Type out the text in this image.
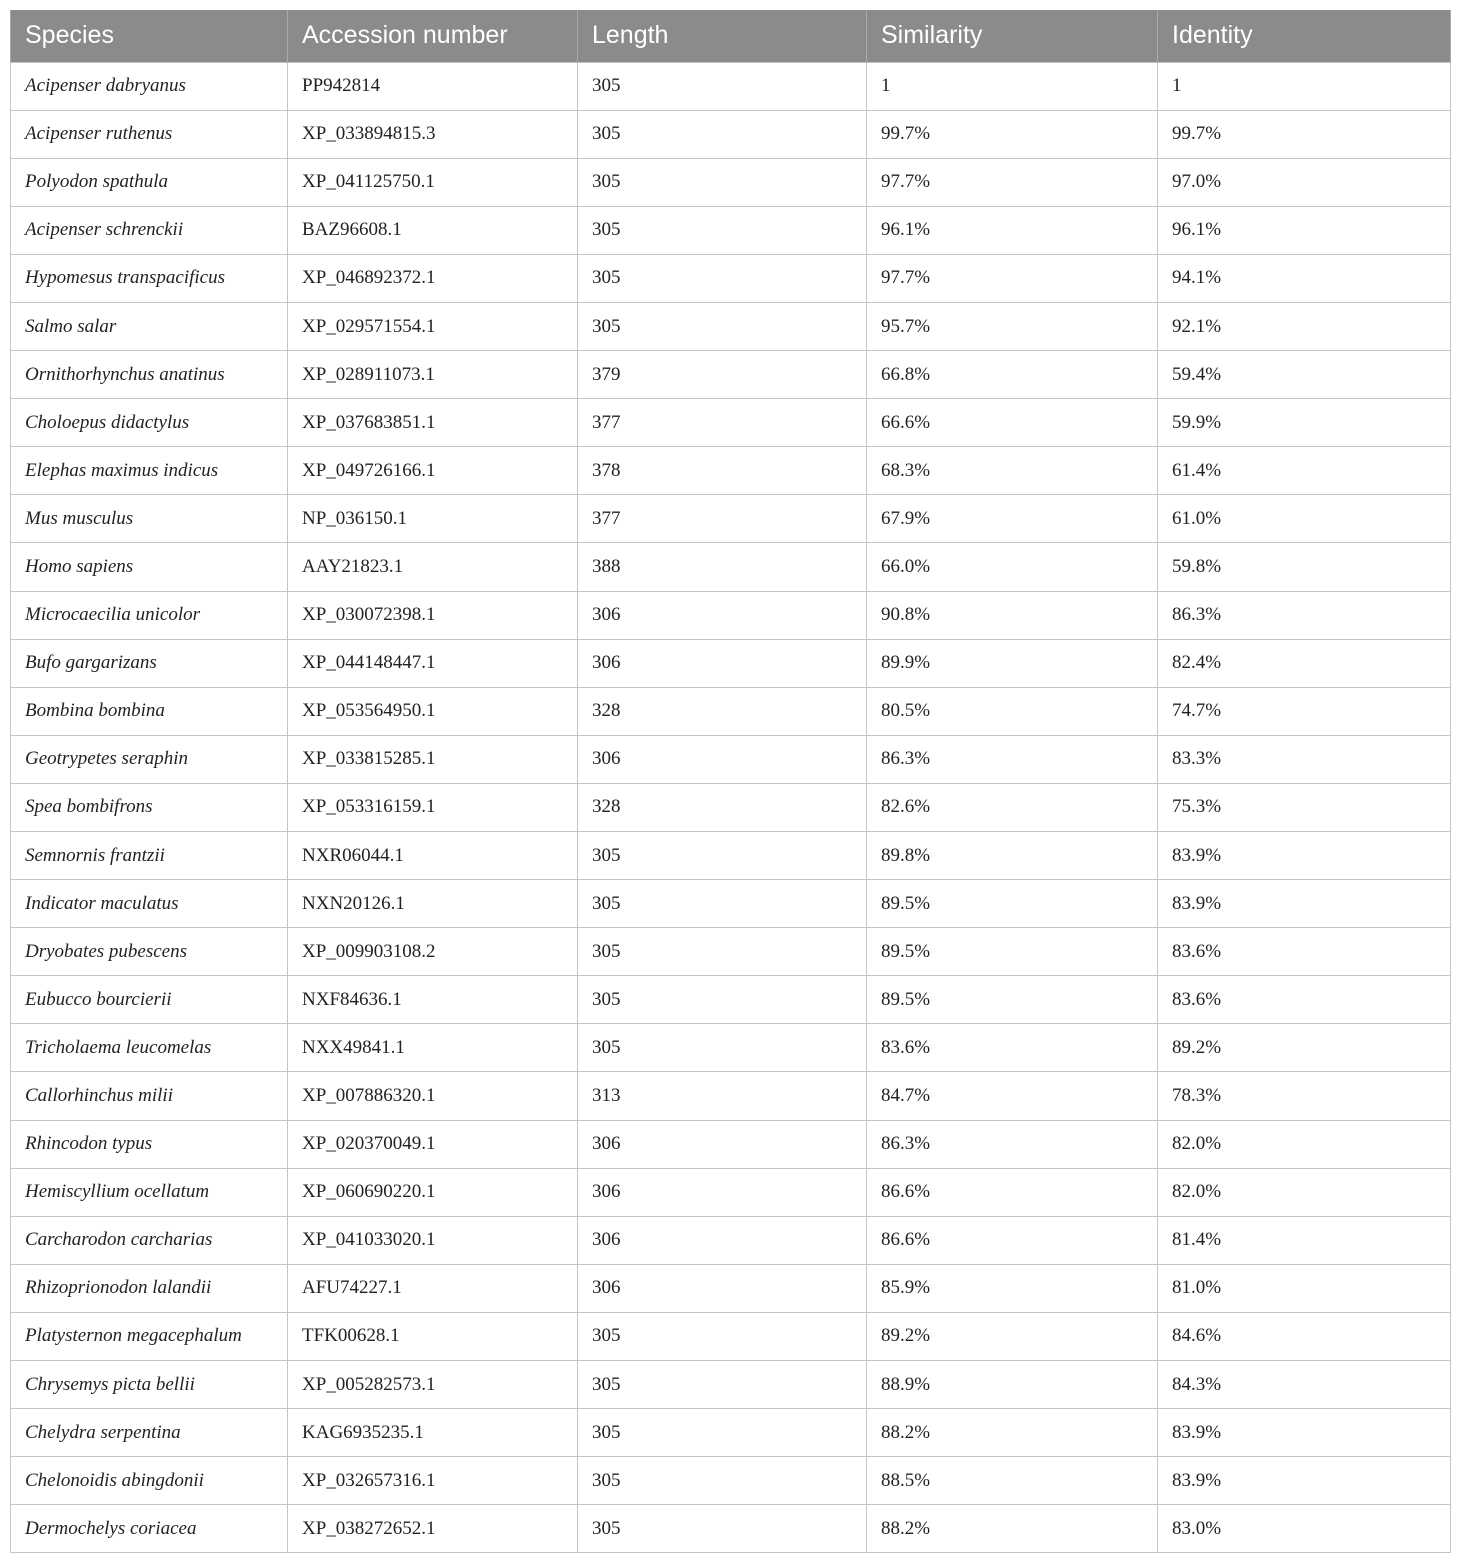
Species	Accession number	Length	Similarity	Identity
Acipenser dabryanus	PP942814	305	1	1
Acipenser ruthenus	XP_033894815.3	305	99.7%	99.7%
Polyodon spathula	XP_041125750.1	305	97.7%	97.0%
Acipenser schrenckii	BAZ96608.1	305	96.1%	96.1%
Hypomesus transpacificus	XP_046892372.1	305	97.7%	94.1%
Salmo salar	XP_029571554.1	305	95.7%	92.1%
Ornithorhynchus anatinus	XP_028911073.1	379	66.8%	59.4%
Choloepus didactylus	XP_037683851.1	377	66.6%	59.9%
Elephas maximus indicus	XP_049726166.1	378	68.3%	61.4%
Mus musculus	NP_036150.1	377	67.9%	61.0%
Homo sapiens	AAY21823.1	388	66.0%	59.8%
Microcaecilia unicolor	XP_030072398.1	306	90.8%	86.3%
Bufo gargarizans	XP_044148447.1	306	89.9%	82.4%
Bombina bombina	XP_053564950.1	328	80.5%	74.7%
Geotrypetes seraphin	XP_033815285.1	306	86.3%	83.3%
Spea bombifrons	XP_053316159.1	328	82.6%	75.3%
Semnornis frantzii	NXR06044.1	305	89.8%	83.9%
Indicator maculatus	NXN20126.1	305	89.5%	83.9%
Dryobates pubescens	XP_009903108.2	305	89.5%	83.6%
Eubucco bourcierii	NXF84636.1	305	89.5%	83.6%
Tricholaema leucomelas	NXX49841.1	305	83.6%	89.2%
Callorhinchus milii	XP_007886320.1	313	84.7%	78.3%
Rhincodon typus	XP_020370049.1	306	86.3%	82.0%
Hemiscyllium ocellatum	XP_060690220.1	306	86.6%	82.0%
Carcharodon carcharias	XP_041033020.1	306	86.6%	81.4%
Rhizoprionodon lalandii	AFU74227.1	306	85.9%	81.0%
Platysternon megacephalum	TFK00628.1	305	89.2%	84.6%
Chrysemys picta bellii	XP_005282573.1	305	88.9%	84.3%
Chelydra serpentina	KAG6935235.1	305	88.2%	83.9%
Chelonoidis abingdonii	XP_032657316.1	305	88.5%	83.9%
Dermochelys coriacea	XP_038272652.1	305	88.2%	83.0%
